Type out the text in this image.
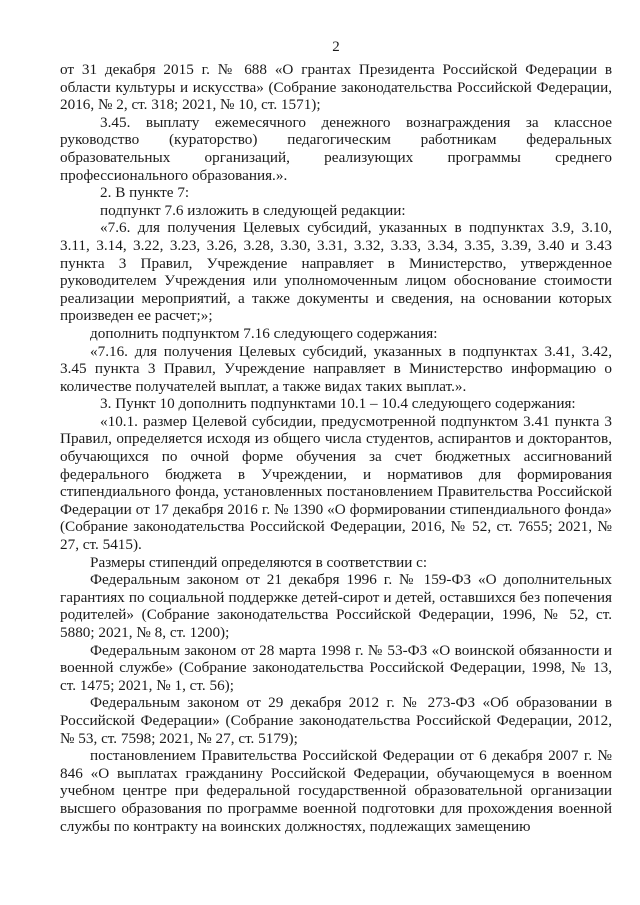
2

от 31 декабря 2015 г. № 688 «О грантах Президента Российской Федерации в области культуры и искусства» (Собрание законодательства Российской Федерации, 2016, № 2, ст. 318; 2021, № 10, ст. 1571);

3.45. выплату ежемесячного денежного вознаграждения за классное руководство (кураторство) педагогическим работникам федеральных образовательных организаций, реализующих программы среднего профессионального образования.».

2. В пункте 7:

подпункт 7.6 изложить в следующей редакции:

«7.6. для получения Целевых субсидий, указанных в подпунктах 3.9, 3.10, 3.11, 3.14, 3.22, 3.23, 3.26, 3.28, 3.30, 3.31, 3.32, 3.33, 3.34, 3.35, 3.39, 3.40 и 3.43 пункта 3 Правил, Учреждение направляет в Министерство, утвержденное руководителем Учреждения или уполномоченным лицом обоснование стоимости реализации мероприятий, а также документы и сведения, на основании которых произведен ее расчет;»;

дополнить подпунктом 7.16 следующего содержания:

«7.16. для получения Целевых субсидий, указанных в подпунктах 3.41, 3.42, 3.45 пункта 3 Правил, Учреждение направляет в Министерство информацию о количестве получателей выплат, а также видах таких выплат.».

3. Пункт 10 дополнить подпунктами 10.1 – 10.4 следующего содержания:

«10.1. размер Целевой субсидии, предусмотренной подпунктом 3.41 пункта 3 Правил, определяется исходя из общего числа студентов, аспирантов и докторантов, обучающихся по очной форме обучения за счет бюджетных ассигнований федерального бюджета в Учреждении, и нормативов для формирования стипендиального фонда, установленных постановлением Правительства Российской Федерации от 17 декабря 2016 г. № 1390 «О формировании стипендиального фонда» (Собрание законодательства Российской Федерации, 2016, № 52, ст. 7655; 2021, № 27, ст. 5415).

Размеры стипендий определяются в соответствии с:

Федеральным законом от 21 декабря 1996 г. № 159-ФЗ «О дополнительных гарантиях по социальной поддержке детей-сирот и детей, оставшихся без попечения родителей» (Собрание законодательства Российской Федерации, 1996, № 52, ст. 5880; 2021, № 8, ст. 1200);

Федеральным законом от 28 марта 1998 г. № 53-ФЗ «О воинской обязанности и военной службе» (Собрание законодательства Российской Федерации, 1998, № 13, ст. 1475; 2021, № 1, ст. 56);

Федеральным законом от 29 декабря 2012 г. № 273-ФЗ «Об образовании в Российской Федерации» (Собрание законодательства Российской Федерации, 2012, № 53, ст. 7598; 2021, № 27, ст. 5179);

постановлением Правительства Российской Федерации от 6 декабря 2007 г. № 846 «О выплатах гражданину Российской Федерации, обучающемуся в военном учебном центре при федеральной государственной образовательной организации высшего образования по программе военной подготовки для прохождения военной службы по контракту на воинских должностях, подлежащих замещению
